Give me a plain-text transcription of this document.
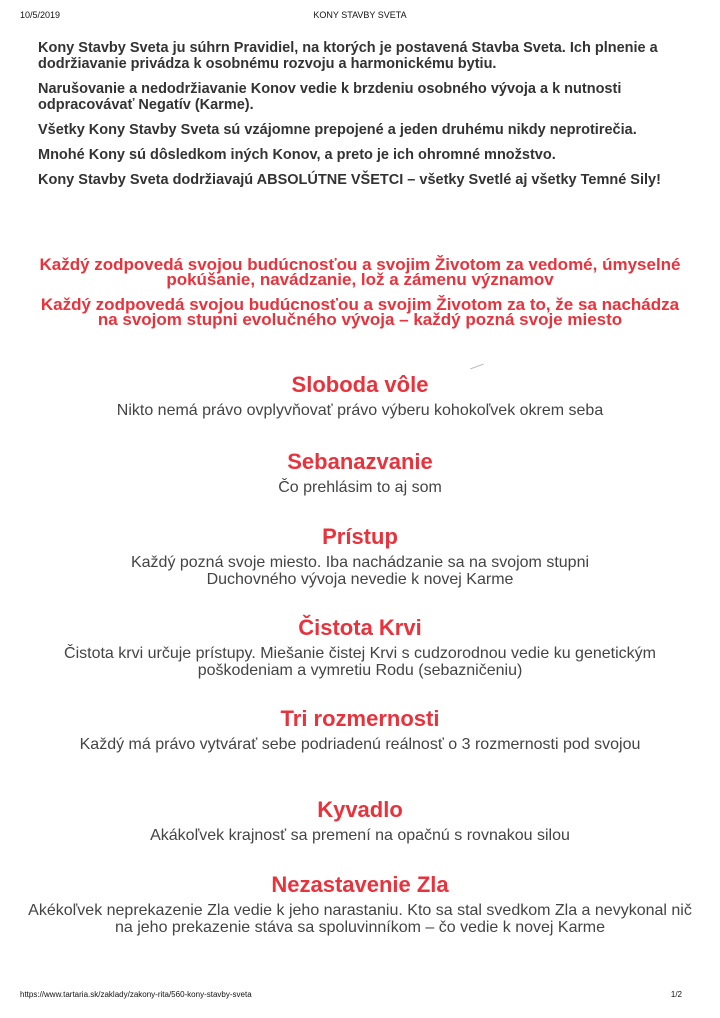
10/5/2019	KONY STAVBY SVETA

Kony Stavby Sveta ju súhrn Pravidiel, na ktorých je postavená Stavba Sveta. Ich plnenie a dodržiavanie privádza k osobnému rozvoju a harmonickému bytiu.

Narušovanie a nedodržiavanie Konov vedie k brzdeniu osobného vývoja a k nutnosti odpracovávať Negatív (Karme).

Všetky Kony Stavby Sveta sú vzájomne prepojené a jeden druhému nikdy neprotirečia.

Mnohé Kony sú dôsledkom iných Konov, a preto je ich ohromné množstvo.

Kony Stavby Sveta dodržiavajú ABSOLÚTNE VŠETCI – všetky Svetlé aj všetky Temné Sily!

Každý zodpovedá svojou budúcnosťou a svojim Životom za vedomé, úmyselné pokúšanie, navádzanie, lož a zámenu významov

Každý zodpovedá svojou budúcnosťou a svojim Životom za to, že sa nachádza na svojom stupni evolučného vývoja – každý pozná svoje miesto

Sloboda vôle

Nikto nemá právo ovplyvňovať právo výberu kohokoľvek okrem seba

Sebanazvanie

Čo prehlásim to aj som

Prístup

Každý pozná svoje miesto. Iba nachádzanie sa na svojom stupni Duchovného vývoja nevedie k novej Karme

Čistota Krvi

Čistota krvi určuje prístupy. Miešanie čistej Krvi s cudzorodnou vedie ku genetickým poškodeniam a vymretiu Rodu (sebazničeniu)

Tri rozmernosti

Každý má právo vytvárať sebe podriadenú reálnosť o 3 rozmernosti pod svojou

Kyvadlo

Akákoľvek krajnosť sa premení na opačnú s rovnakou silou

Nezastavenie Zla

Akékoľvek neprekazenie Zla vedie k jeho narastaniu. Kto sa stal svedkom Zla a nevykonal nič na jeho prekazenie stáva sa spoluvinníkom – čo vedie k novej Karme

https://www.tartaria.sk/zaklady/zakony-rita/560-kony-stavby-sveta	1/2
